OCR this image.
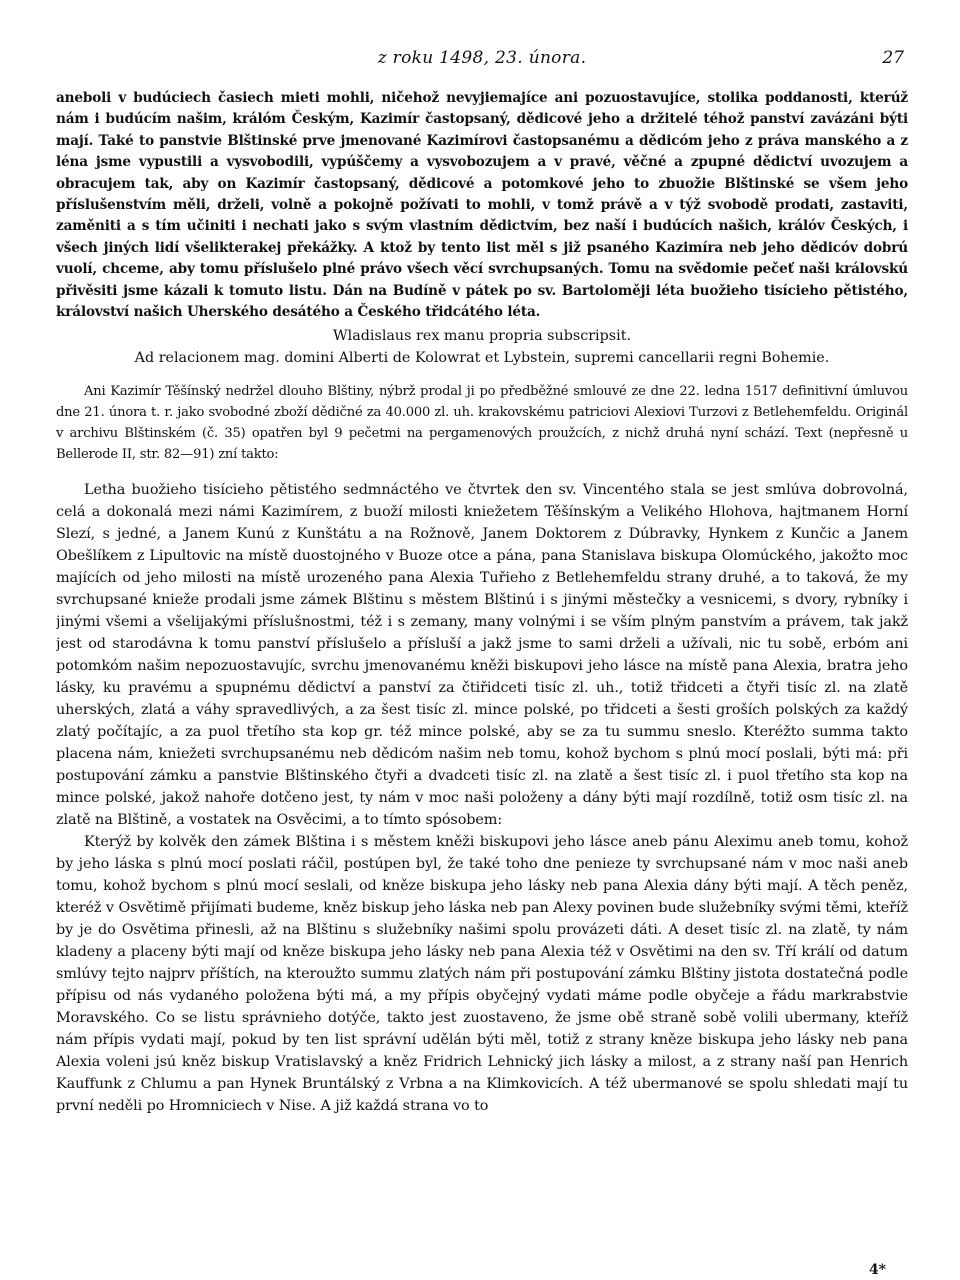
z roku 1498, 23. února.	27

aneboli v budúciech časiech mieti mohli, ničehož nevyjiemajíce ani pozuostavujíce, stolika poddanosti, kterúž nám i budúcím našim, králóm Českým, Kazimír častopsaný, dědicové jeho a držitelé téhož panství zavázáni býti mají. Také to panstvie Blštinské prve jmenované Kazimírovi častopsanému a dědicóm jeho z práva manského a z léna jsme vypustili a vysvobodili, vypúščemy a vysvobozujem a v pravé, věčné a zpupné dědictví uvozujem a obracujem tak, aby on Kazimír častopsaný, dědicové a potomkové jeho to zbuožie Blštinské se všem jeho příslušenstvím měli, drželi, volně a pokojně požívati to mohli, v tomž právě a v týž svobodě prodati, zastaviti, zaměniti a s tím učiniti i nechati jako s svým vlastním dědictvím, bez naší i budúcích našich, králóv Českých, i všech jiných lidí všelikterakej překážky. A ktož by tento list měl s již psaného Kazimíra neb jeho dědicóv dobrú vuolí, chceme, aby tomu příslušelo plné právo všech věcí svrchupsaných. Tomu na svědomie pečeť naši královskú přivěsiti jsme kázali k tomuto listu. Dán na Budíně v pátek po sv. Bartoloměji léta buožieho tisícieho pětistého, království našich Uherského desátého a Českého třidcátého léta.

Wladislaus rex manu propria subscripsit.
Ad relacionem mag. domini Alberti de Kolowrat et Lybstein, supremi cancellarii regni Bohemie.

Ani Kazimír Těšínský nedržel dlouho Blštiny, nýbrž prodal ji po předběžné smlouvé ze dne 22. ledna 1517 definitivní úmluvou dne 21. února t. r. jako svobodné zboží dědičné za 40.000 zl. uh. krakovskému patriciovi Alexiovi Turzovi z Betlehemfeldu. Originál v archivu Blštinském (č. 35) opatřen byl 9 pečetmi na pergamenových proužcích, z nichž druhá nyní schází. Text (nepřesně u Bellerode II, str. 82—91) zní takto:

Letha buožieho tisícieho pětistého sedmnáctého ve čtvrtek den sv. Vincentého stala se jest smlúva dobrovolná, celá a dokonalá mezi námi Kazimírem, z buoží milosti kniežetem Těšínským a Velikého Hlohova, hajtmanem Horní Slezí, s jedné, a Janem Kunú z Kunštátu a na Rožnově, Janem Doktorem z Dúbravky, Hynkem z Kunčic a Janem Obešlíkem z Lipultovic na místě duostojného v Buoze otce a pána, pana Stanislava biskupa Olomúckého, jakožto moc majících od jeho milosti na místě urozeného pana Alexia Tuřieho z Betlehemfeldu strany druhé, a to taková, že my svrchupsané knieže prodali jsme zámek Blštinu s městem Blštinú i s jinými městečky a vesnicemi, s dvory, rybníky i jinými všemi a všelijakými příslušnostmi, též i s zemany, many volnými i se vším plným panstvím a právem, tak jakž jest od starodávna k tomu panství příslušelo a přísluší a jakž jsme to sami drželi a užívali, nic tu sobě, erbóm ani potomkóm našim nepozuostavujíc, svrchu jmenovanému kněži biskupovi jeho lásce na místě pana Alexia, bratra jeho lásky, ku pravému a spupnému dědictví a panství za čtiřidceti tisíc zl. uh., totiž třidceti a čtyři tisíc zl. na zlatě uherských, zlatá a váhy spravedlivých, a za šest tisíc zl. mince polské, po třidceti a šesti groších polských za každý zlatý počítajíc, a za puol třetího sta kop gr. též mince polské, aby se za tu summu sneslo. Kteréžto summa takto placena nám, kniežeti svrchupsanému neb dědicóm našim neb tomu, kohož bychom s plnú mocí poslali, býti má: při postupování zámku a panstvie Blštinského čtyři a dvadceti tisíc zl. na zlatě a šest tisíc zl. i puol třetího sta kop na mince polské, jakož nahoře dotčeno jest, ty nám v moc naši položeny a dány býti mají rozdílně, totiž osm tisíc zl. na zlatě na Blštině, a vostatek na Osvěcimi, a to tímto spósobem:

Kterýž by kolvěk den zámek Blština i s městem kněži biskupovi jeho lásce aneb pánu Aleximu aneb tomu, kohož by jeho láska s plnú mocí poslati ráčil, postúpen byl, že také toho dne penieze ty svrchupsané nám v moc naši aneb tomu, kohož bychom s plnú mocí seslali, od kněze biskupa jeho lásky neb pana Alexia dány býti mají. A těch peněz, kteréž v Osvětimě přijímati budeme, kněz biskup jeho láska neb pan Alexy povinen bude služebníky svými těmi, kteříž by je do Osvětima přinesli, až na Blštinu s služebníky našimi spolu provázeti dáti. A deset tisíc zl. na zlatě, ty nám kladeny a placeny býti mají od kněze biskupa jeho lásky neb pana Alexia též v Osvětimi na den sv. Tří králí od datum smlúvy tejto najprv příštích, na kteroužto summu zlatých nám při postupování zámku Blštiny jistota dostatečná podle přípisu od nás vydaného položena býti má, a my přípis obyčejný vydati máme podle obyčeje a řádu markrabstvie Moravského. Co se listu správnieho dotýče, takto jest zuostaveno, že jsme obě straně sobě volili ubermany, kteříž nám přípis vydati mají, pokud by ten list správní udělán býti měl, totiž z strany kněze biskupa jeho lásky neb pana Alexia voleni jsú kněz biskup Vratislavský a kněz Fridrich Lehnický jich lásky a milost, a z strany naší pan Henrich Kauffunk z Chlumu a pan Hynek Bruntálský z Vrbna a na Klimkovicích. A též ubermanové se spolu shledati mají tu první neděli po Hromniciech v Nise. A již každá strana vo to

4*
